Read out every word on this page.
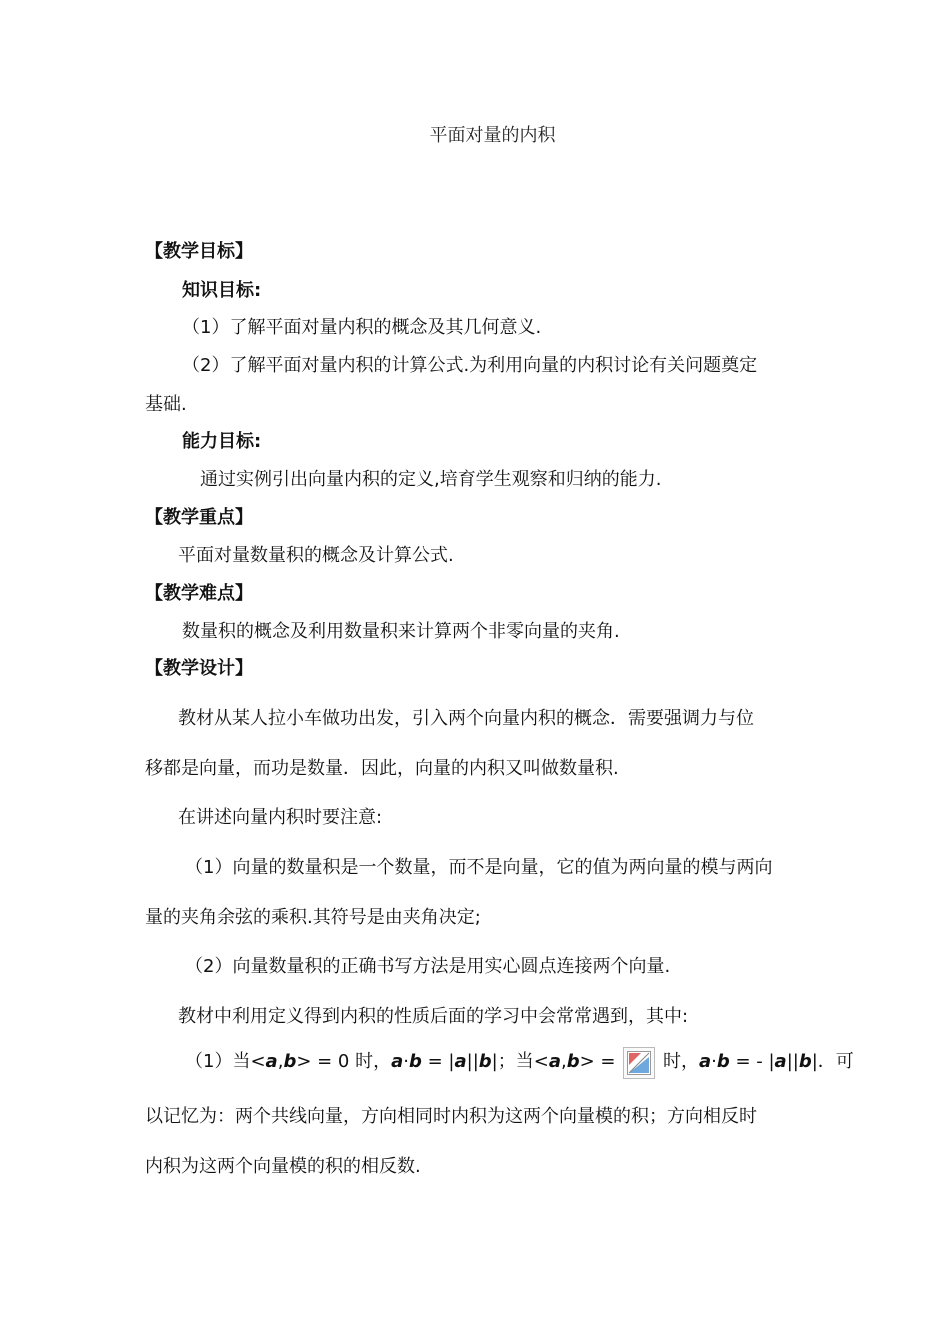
平面对量的内积
【教学目标】
知识目标:
（1）了解平面对量内积的概念及其几何意义.
（2）了解平面对量内积的计算公式.为利用向量的内积讨论有关问题奠定
基础.
能力目标:
通过实例引出向量内积的定义,培育学生观察和归纳的能力.
【教学重点】
平面对量数量积的概念及计算公式.
【教学难点】
数量积的概念及利用数量积来计算两个非零向量的夹角.
【教学设计】
教材从某人拉小车做功出发，引入两个向量内积的概念．需要强调力与位
移都是向量，而功是数量．因此，向量的内积又叫做数量积.
在讲述向量内积时要注意:
（1）向量的数量积是一个数量，而不是向量，它的值为两向量的模与两向
量的夹角余弦的乘积.其符号是由夹角决定;
（2）向量数量积的正确书写方法是用实心圆点连接两个向量.
教材中利用定义得到内积的性质后面的学习中会常常遇到，其中:
（1）当<a,b> = 0 时，a·b = |a||b|；当<a,b> =
时，a·b = - |a||b|．可
以记忆为：两个共线向量，方向相同时内积为这两个向量模的积；方向相反时
内积为这两个向量模的积的相反数.
